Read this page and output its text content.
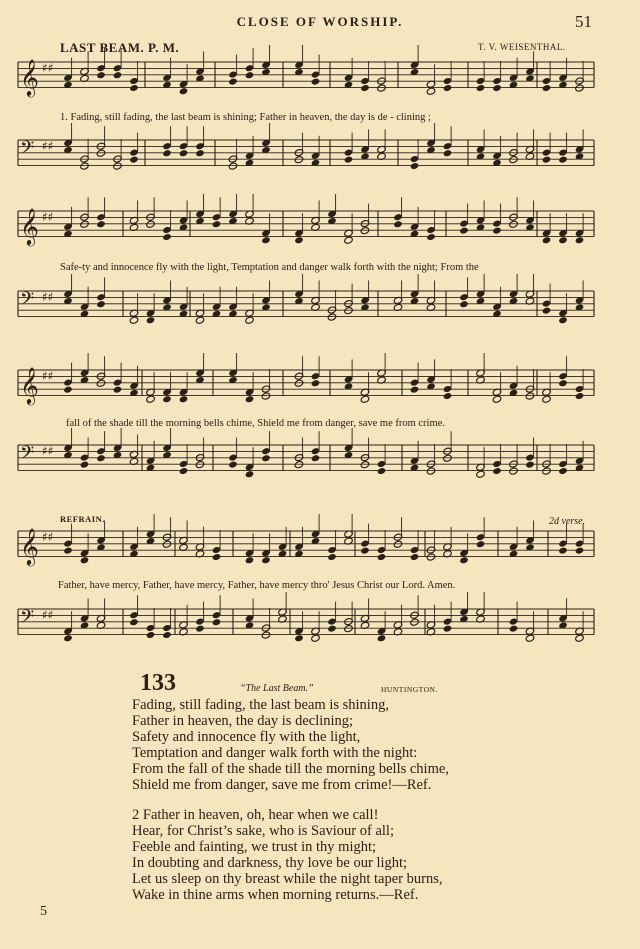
CLOSE OF WORSHIP.	51
LAST BEAM. P. M.	T. V. WEISENTHAL.
𝄞 ♯♯
𝄢 ♯♯
𝄞 ♯♯
𝄢 ♯♯
𝄞 ♯♯
𝄢 ♯♯
𝄞 ♯♯
𝄢 ♯♯
1. Fading, still fading, the last beam is shining; Father in heaven, the day is de - clining ;
Safe-ty and innocence fly with the light, Temptation and danger walk forth with the night; From the
fall of the shade till the morning bells chime, Shield me from danger, save me from crime.
REFRAIN.	2d verse.
Father, have mercy, Father, have mercy, Father, have mercy thro' Jesus Christ our Lord. Amen.
133	“The Last Beam.”	HUNTINGTON.
Fading, still fading, the last beam is shining,
Father in heaven, the day is declining;
Safety and innocence fly with the light,
Temptation and danger walk forth with the night:
From the fall of the shade till the morning bells chime,
Shield me from danger, save me from crime!—Ref.
2 Father in heaven, oh, hear when we call!
Hear, for Christ’s sake, who is Saviour of all;
Feeble and fainting, we trust in thy might;
In doubting and darkness, thy love be our light;
Let us sleep on thy breast while the night taper burns,
Wake in thine arms when morning returns.—Ref.
5
